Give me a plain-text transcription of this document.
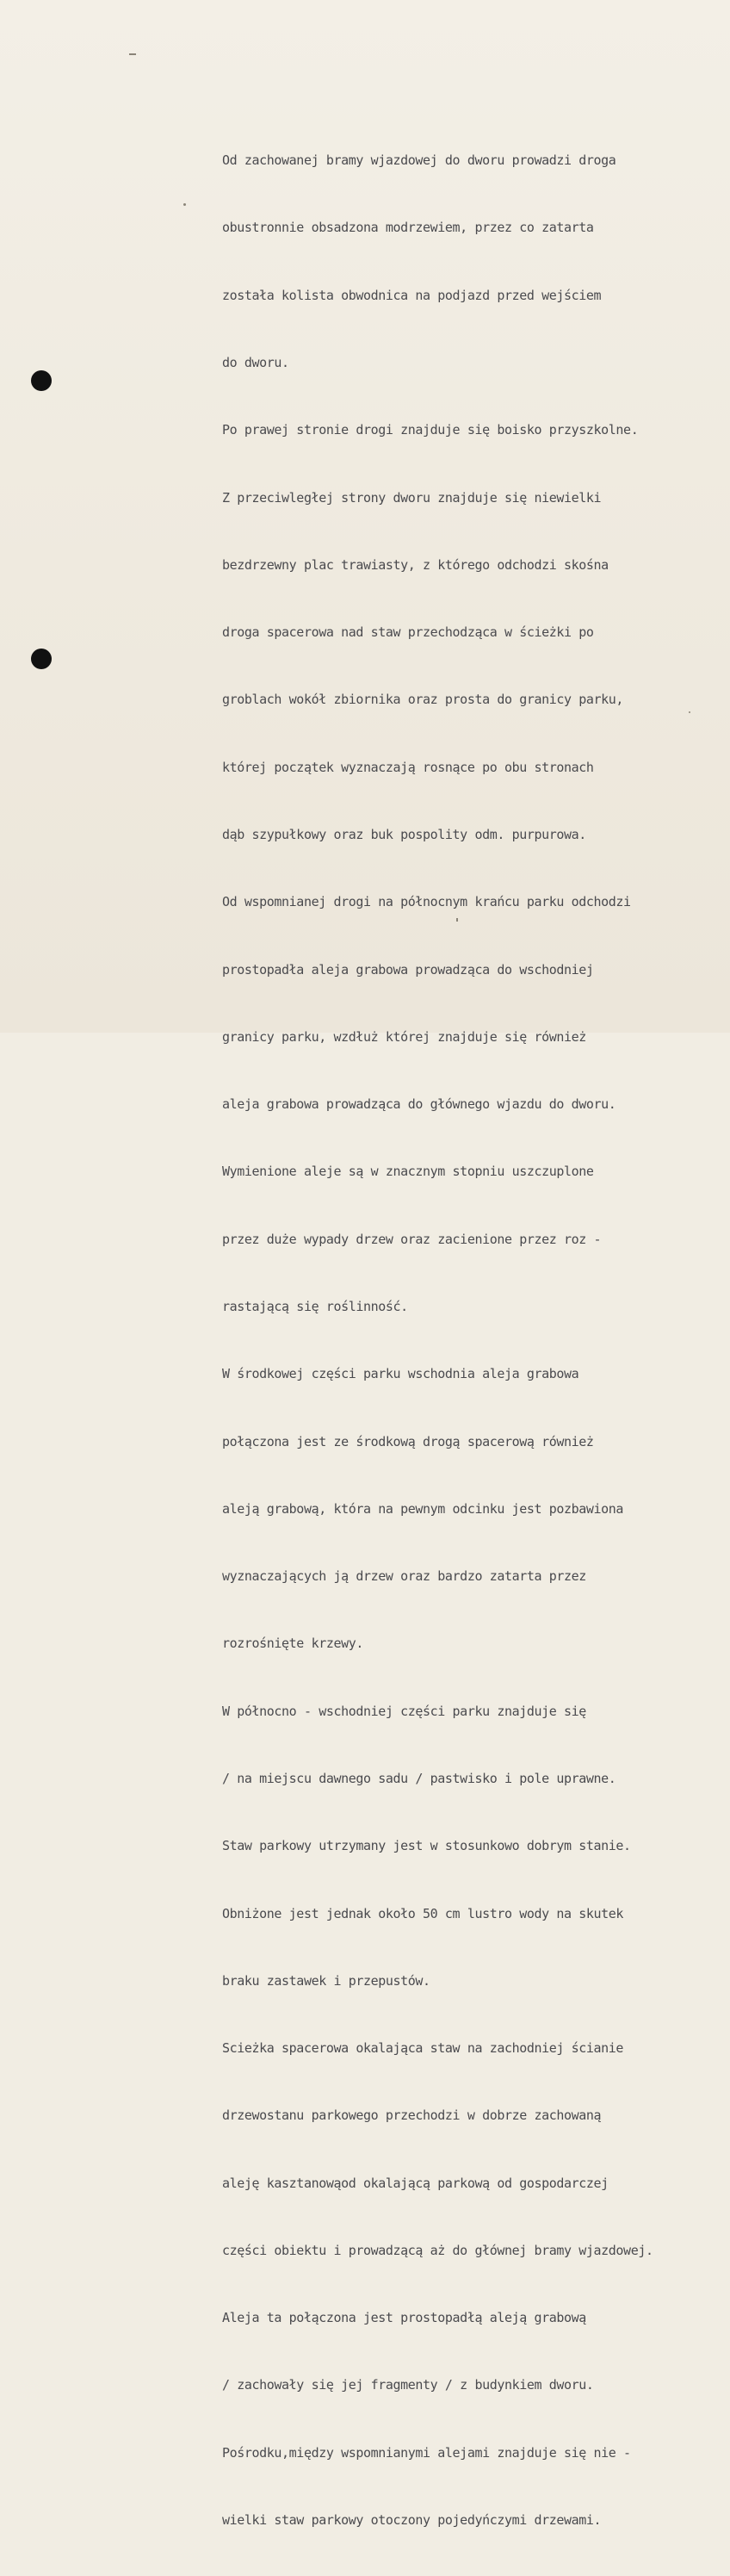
Od zachowanej bramy wjazdowej do dworu prowadzi droga

obustronnie obsadzona modrzewiem, przez co zatarta

została kolista obwodnica na podjazd przed wejściem

do dworu.

Po prawej stronie drogi znajduje się boisko przyszkolne.

Z przeciwległej strony dworu znajduje się niewielki

bezdrzewny plac trawiasty, z którego odchodzi skośna

droga spacerowa nad staw przechodząca w ścieżki po

groblach wokół zbiornika oraz prosta do granicy parku,

której początek wyznaczają rosnące po obu stronach

dąb szypułkowy oraz buk pospolity odm. purpurowa.

Od wspomnianej drogi na północnym krańcu parku odchodzi

prostopadła aleja grabowa prowadząca do wschodniej

granicy parku, wzdłuż której znajduje się również

aleja grabowa prowadząca do głównego wjazdu do dworu.

Wymienione aleje są w znacznym stopniu uszczuplone

przez duże wypady drzew oraz zacienione przez roz -

rastającą się roślinność.

W środkowej części parku wschodnia aleja grabowa

połączona jest ze środkową drogą spacerową również

aleją grabową, która na pewnym odcinku jest pozbawiona

wyznaczających ją drzew oraz bardzo zatarta przez

rozrośnięte krzewy.

W północno - wschodniej części parku znajduje się

/ na miejscu dawnego sadu / pastwisko i pole uprawne.

Staw parkowy utrzymany jest w stosunkowo dobrym stanie.

Obniżone jest jednak około 50 cm lustro wody na skutek

braku zastawek i przepustów.

Scieżka spacerowa okalająca staw na zachodniej ścianie

drzewostanu parkowego przechodzi w dobrze zachowaną

aleję kasztanowąod okalającą parkową od gospodarczej

części obiektu i prowadzącą aż do głównej bramy wjazdowej.

Aleja ta połączona jest prostopadłą aleją grabową

/ zachowały się jej fragmenty / z budynkiem dworu.

Pośrodku,między wspomnianymi alejami znajduje się nie -

wielki staw parkowy otoczony pojedyńczymi drzewami.
